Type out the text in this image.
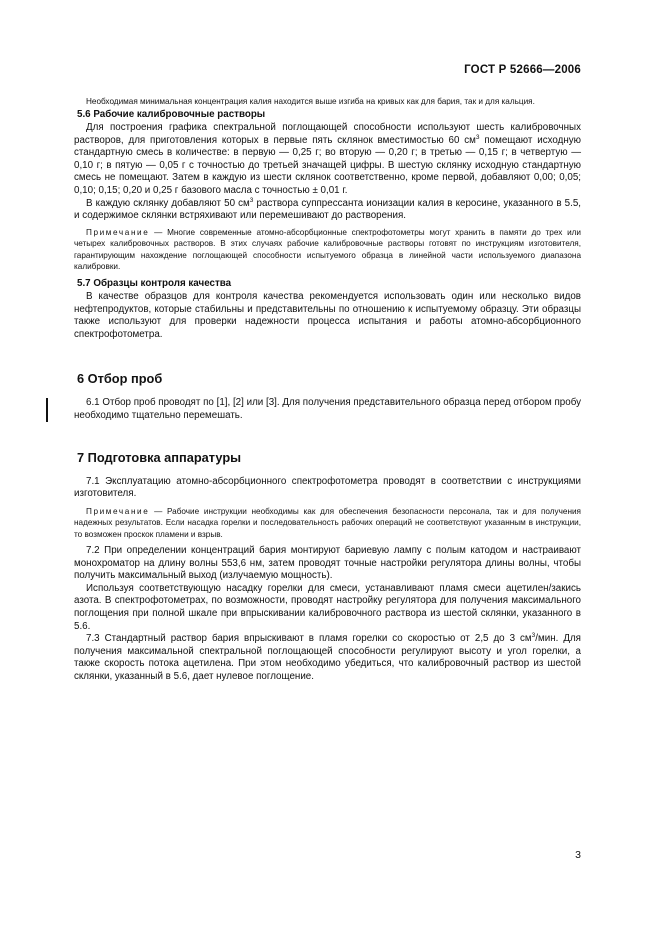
ГОСТ Р 52666—2006

Необходимая минимальная концентрация калия находится выше изгиба на кривых как для бария, так и для кальция.

5.6 Рабочие калибровочные растворы

Для построения графика спектральной поглощающей способности используют шесть калибровочных растворов, для приготовления которых в первые пять склянок вместимостью 60 $см^3$ помещают исходную стандартную смесь в количестве: в первую — 0,25 г; во вторую — 0,20 г; в третью — 0,15 г; в четвертую — 0,10 г; в пятую — 0,05 г с точностью до третьей значащей цифры. В шестую склянку исходную стандартную смесь не помещают. Затем в каждую из шести склянок соответственно, кроме первой, добавляют 0,00; 0,05; 0,10; 0,15; 0,20 и 0,25 г базового масла с точностью ± 0,01 г.

В каждую склянку добавляют 50 $см^3$ раствора суппрессанта ионизации калия в керосине, указанного в 5.5, и содержимое склянки встряхивают или перемешивают до растворения.

Примечание — Многие современные атомно-абсорбционные спектрофотометры могут хранить в памяти до трех или четырех калибровочных растворов. В этих случаях рабочие калибровочные растворы готовят по инструкциям изготовителя, гарантирующим нахождение поглощающей способности испытуемого образца в линейной части используемого диапазона калибровки.

5.7 Образцы контроля качества

В качестве образцов для контроля качества рекомендуется использовать один или несколько видов нефтепродуктов, которые стабильны и представительны по отношению к испытуемому образцу. Эти образцы также используют для проверки надежности процесса испытания и работы атомно-абсорбционного спектрофотометра.

6 Отбор проб

6.1 Отбор проб проводят по [1], [2] или [3]. Для получения представительного образца перед отбором пробу необходимо тщательно перемешать.

7 Подготовка аппаратуры

7.1 Эксплуатацию атомно-абсорбционного спектрофотометра проводят в соответствии с инструкциями изготовителя.

Примечание — Рабочие инструкции необходимы как для обеспечения безопасности персонала, так и для получения надежных результатов. Если насадка горелки и последовательность рабочих операций не соответствуют указанным в инструкции, то возможен проскок пламени и взрыв.

7.2 При определении концентраций бария монтируют бариевую лампу с полым катодом и настраивают монохроматор на длину волны 553,6 нм, затем проводят точные настройки регулятора длины волны, чтобы получить максимальный выход (излучаемую мощность).

Используя соответствующую насадку горелки для смеси, устанавливают пламя смеси ацетилен/закись азота. В спектрофотометрах, по возможности, проводят настройку регулятора для получения максимального поглощения при полной шкале при впрыскивании калибровочного раствора из шестой склянки, указанного в 5.6.

7.3 Стандартный раствор бария впрыскивают в пламя горелки со скоростью от 2,5 до 3 $см^3$/мин. Для получения максимальной спектральной поглощающей способности регулируют высоту и угол горелки, а также скорость потока ацетилена. При этом необходимо убедиться, что калибровочный раствор из шестой склянки, указанный в 5.6, дает нулевое поглощение.

3
